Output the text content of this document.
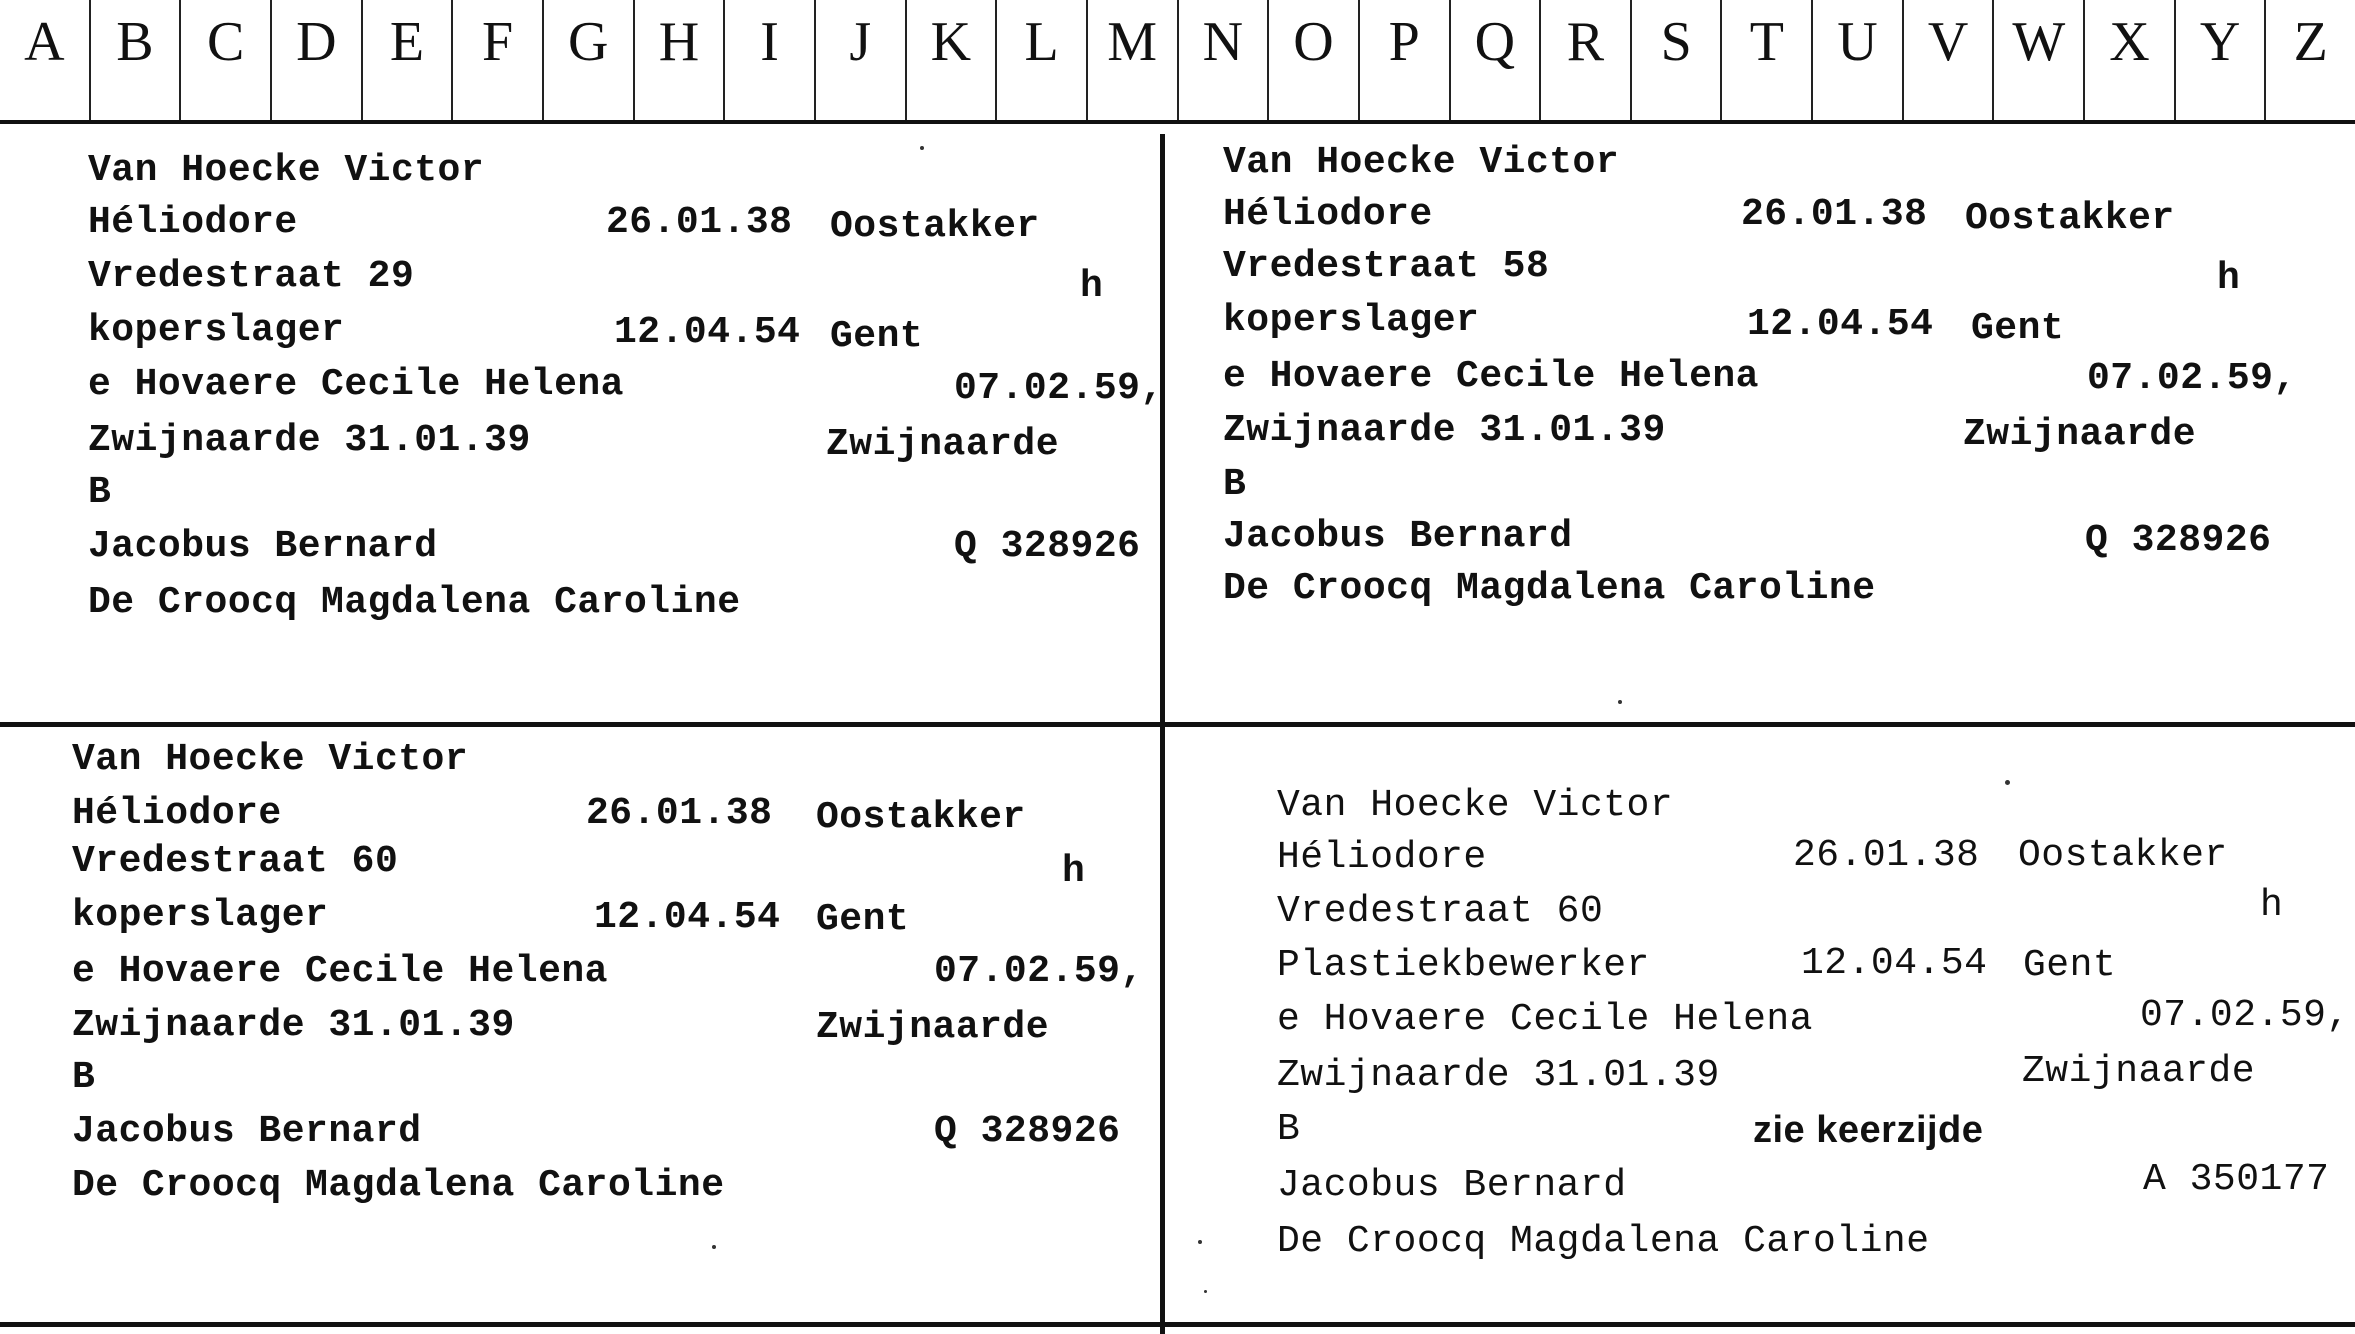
A B C D E	F G H	I	J	K L M N O P Q R	S	T U V W X Y Z
Van Hoecke Victor
Héliodore	26.01.38 Oostakker
Vredestraat 29	h
koperslager	12.04.54 Gent
e Hovaere Cecile Helena	07.02.59,
Zwijnaarde 31.01.39	Zwijnaarde
B
Jacobus Bernard	Q 328926
De Croocq Magdalena Caroline
Van Hoecke Victor
Héliodore	26.01.38 Oostakker
Vredestraat 58	h
koperslager	12.04.54 Gent
e Hovaere Cecile Helena	07.02.59,
Zwijnaarde 31.01.39	Zwijnaarde
B
Jacobus Bernard	Q 328926
De Croocq Magdalena Caroline
Van Hoecke Victor
Héliodore	26.01.38 Oostakker
Vredestraat 60	h
koperslager	12.04.54 Gent
e Hovaere Cecile Helena	07.02.59,
Zwijnaarde 31.01.39	Zwijnaarde
B
Jacobus Bernard	Q 328926
De Croocq Magdalena Caroline
Van Hoecke Victor
Héliodore	26.01.38 Oostakker
Vredestraat 60	h
Plastiekbewerker	12.04.54 Gent
e Hovaere Cecile Helena	07.02.59,
Zwijnaarde 31.01.39	Zwijnaarde
B	zie keerzijde
Jacobus Bernard	A 350177
De Croocq Magdalena Caroline
